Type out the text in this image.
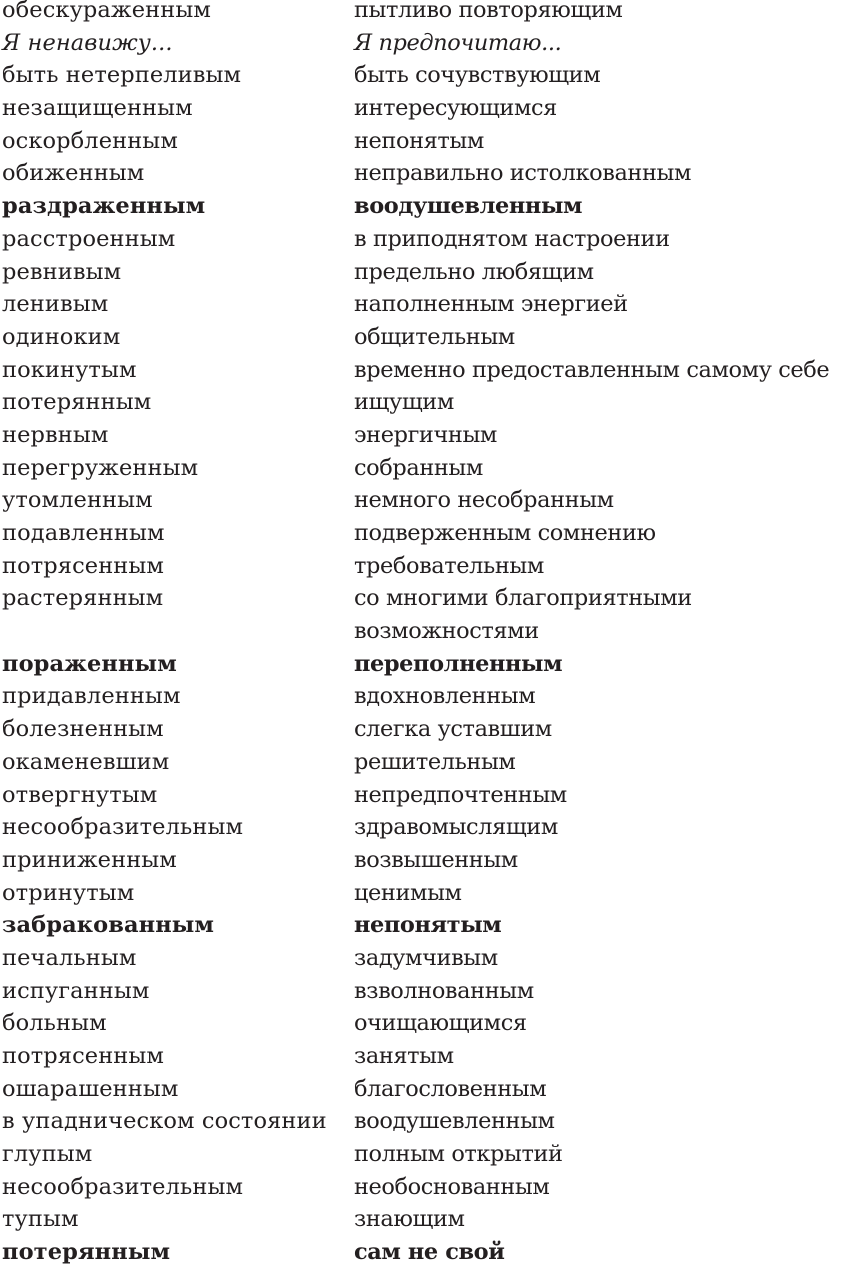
обескураженным
Я ненавижу...
быть нетерпеливым
незащищенным
оскорбленным
обиженным
раздраженным
расстроенным
ревнивым
ленивым
одиноким
покинутым
потерянным
нервным
перегруженным
утомленным
подавленным
потрясенным
растерянным
пораженным
придавленным
болезненным
окаменевшим
отвергнутым
несообразительным
приниженным
отринутым
забракованным
печальным
испуганным
больным
потрясенным
ошарашенным
в упадническом состоянии
глупым
несообразительным
тупым
потерянным
пытливо повторяющим
Я предпочитаю...
быть сочувствующим
интересующимся
непонятым
неправильно истолкованным
воодушевленным
в приподнятом настроении
предельно любящим
наполненным энергией
общительным
временно предоставленным самому себе
ищущим
энергичным
собранным
немного несобранным
подверженным сомнению
требовательным
со многими благоприятными
возможностями
переполненным
вдохновленным
слегка уставшим
решительным
непредпочтенным
здравомыслящим
возвышенным
ценимым
непонятым
задумчивым
взволнованным
очищающимся
занятым
благословенным
воодушевленным
полным открытий
необоснованным
знающим
сам не свой
